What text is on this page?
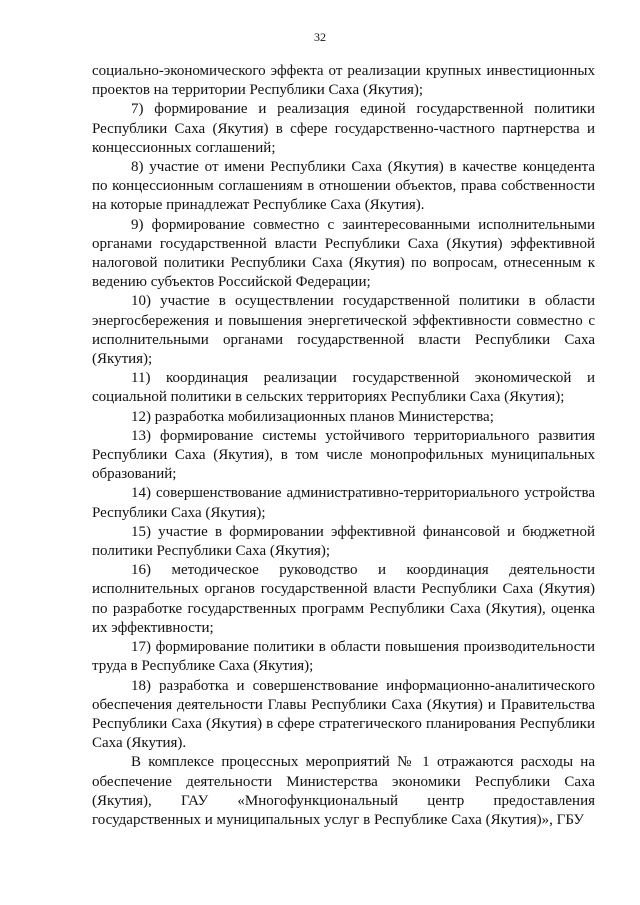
32

социально-экономического эффекта от реализации крупных инвестиционных проектов на территории Республики Саха (Якутия);

7) формирование и реализация единой государственной политики Республики Саха (Якутия) в сфере государственно-частного партнерства и концессионных соглашений;

8) участие от имени Республики Саха (Якутия) в качестве концедента по концессионным соглашениям в отношении объектов, права собственности на которые принадлежат Республике Саха (Якутия).

9) формирование совместно с заинтересованными исполнительными органами государственной власти Республики Саха (Якутия) эффективной налоговой политики Республики Саха (Якутия) по вопросам, отнесенным к ведению субъектов Российской Федерации;

10) участие в осуществлении государственной политики в области энергосбережения и повышения энергетической эффективности совместно с исполнительными органами государственной власти Республики Саха (Якутия);

11) координация реализации государственной экономической и социальной политики в сельских территориях Республики Саха (Якутия);

12) разработка мобилизационных планов Министерства;

13) формирование системы устойчивого территориального развития Республики Саха (Якутия), в том числе монопрофильных муниципальных образований;

14) совершенствование административно-территориального устройства Республики Саха (Якутия);

15) участие в формировании эффективной финансовой и бюджетной политики Республики Саха (Якутия);

16) методическое руководство и координация деятельности исполнительных органов государственной власти Республики Саха (Якутия) по разработке государственных программ Республики Саха (Якутия), оценка их эффективности;

17) формирование политики в области повышения производительности труда в Республике Саха (Якутия);

18) разработка и совершенствование информационно-аналитического обеспечения деятельности Главы Республики Саха (Якутия) и Правительства Республики Саха (Якутия) в сфере стратегического планирования Республики Саха (Якутия).

В комплексе процессных мероприятий № 1 отражаются расходы на обеспечение деятельности Министерства экономики Республики Саха (Якутия), ГАУ «Многофункциональный центр предоставления государственных и муниципальных услуг в Республике Саха (Якутия)», ГБУ
